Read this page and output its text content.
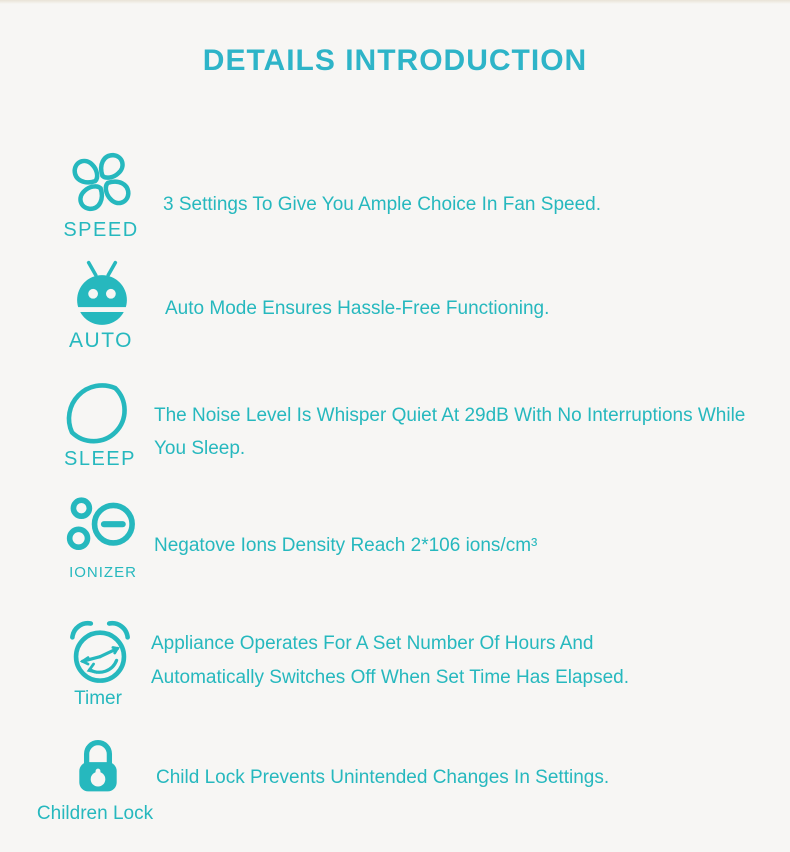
DETAILS INTRODUCTION
SPEED
3 Settings To Give You Ample Choice In Fan Speed.
AUTO
Auto Mode Ensures Hassle-Free Functioning.
SLEEP
The Noise Level Is Whisper Quiet At 29dB With No Interruptions While You Sleep.
IONIZER
Negatove Ions Density Reach 2*106 ions/cm³
Timer
Appliance Operates For A Set Number Of Hours And Automatically Switches Off When Set Time Has Elapsed.
Children Lock
Child Lock Prevents Unintended Changes In Settings.
